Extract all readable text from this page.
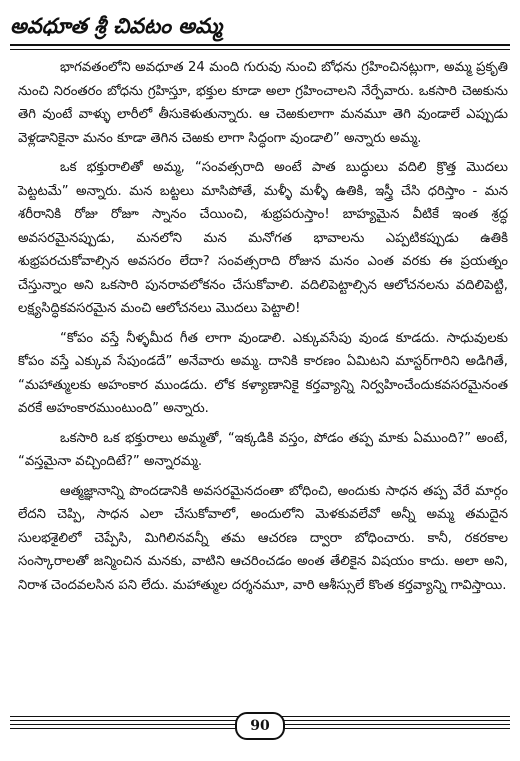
అవధూత శ్రీ చివటం అమ్మ

భాగవతంలోని అవధూత 24 మంది గురువు నుంచి బోధను గ్రహించినట్లుగా, అమ్మ ప్రకృతి నుంచి నిరంతరం బోధను గ్రహిస్తూ, భక్తుల కూడా అలా గ్రహించాలని నేర్పేవారు. ఒకసారి చెఱకును తెగి వుంటే వాళ్ళు లారీలో తీసుకెళుతున్నారు. ఆ చెఱకులాగా మనమూ తెగి వుండాలే ఎప్పుడు వెళ్లడానికైనా మనం కూడా తెగిన చెఱకు లాగా సిద్ధంగా వుండాలి” అన్నారు అమ్మ.

ఒక భక్తురాలితో అమ్మ, “సంవత్సరాది అంటే పాత బుద్ధులు వదిలి క్రొత్త మొదలు పెట్టటమే” అన్నారు. మన బట్టలు మాసిపోతే, మళ్ళీ మళ్ళీ ఉతికి, ఇస్త్రీ చేసి ధరిస్తాం - మన శరీరానికి రోజు రోజూ స్నానం చేయించి, శుభ్రపరుస్తాం! బాహ్యమైన వీటికే ఇంత శ్రద్ధ అవసరమైనప్పుడు, మనలోని మన మనోగత భావాలను ఎప్పటికప్పుడు ఉతికి శుభ్రపరచుకోవాల్సిన అవసరం లేదా? సంవత్సరాది రోజున మనం ఎంత వరకు ఈ ప్రయత్నం చేస్తున్నాం అని ఒకసారి పునరావలోకనం చేసుకోవాలి. వదిలిపెట్టాల్సిన ఆలోచనలను వదిలిపెట్టి, లక్ష్యసిద్ధికవసరమైన మంచి ఆలోచనలు మొదలు పెట్టాలి!

“కోపం వస్తే నీళ్ళమీద గీత లాగా వుండాలి. ఎక్కువసేపు వుండ కూడదు. సాధువులకు కోపం వస్తే ఎక్కువ సేపుండదే” అనేవారు అమ్మ. దానికి కారణం ఏమిటని మాస్టర్‌గారిని అడిగితే, “మహాత్ములకు అహంకార ముండదు. లోక కళ్యాణానికై కర్తవ్యాన్ని నిర్వహించేందుకవసరమైనంత వరకే అహంకారముంటుంది” అన్నారు.

ఒకసారి ఒక భక్తురాలు అమ్మతో, “ఇక్కడికి వస్తం, పోడం తప్ప మాకు ఏముంది?” అంటే, “వస్తమైనా వచ్చిందిటే?” అన్నారమ్మ.

ఆత్మజ్ఞానాన్ని పొందడానికి అవసరమైనదంతా బోధించి, అందుకు సాధన తప్ప వేరే మార్గం లేదని చెప్పి, సాధన ఎలా చేసుకోవాలో, అందులోని మెళకువలేవో అన్నీ అమ్మ తమదైన సులభశైలిలో చెప్పేసి, మిగిలినవన్నీ తమ ఆచరణ ద్వారా బోధించారు. కానీ, రకరకాల సంస్కారాలతో జన్మించిన మనకు, వాటిని ఆచరించడం అంత తేలికైన విషయం కాదు. అలా అని, నిరాశ చెందవలసిన పని లేదు. మహాత్ముల దర్శనమూ, వారి ఆశీస్సులే కొంత కర్తవ్యాన్ని గావిస్తాయి.

90
